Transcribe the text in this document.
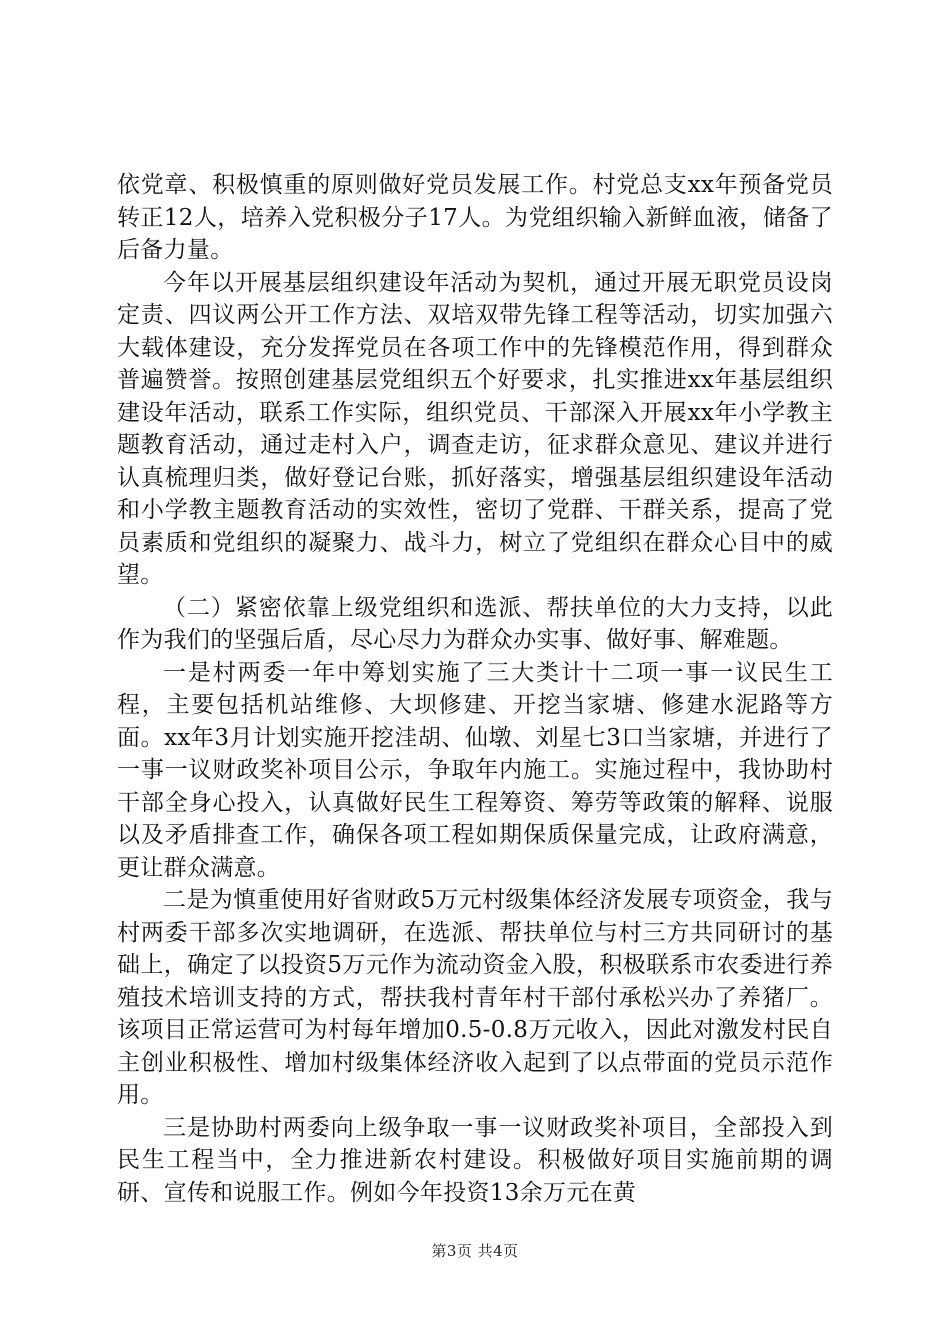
依党章、积极慎重的原则做好党员发展工作。村党总支xx年预备党员转正12人，培养入党积极分子17人。为党组织输入新鲜血液，储备了后备力量。

今年以开展基层组织建设年活动为契机，通过开展无职党员设岗定责、四议两公开工作方法、双培双带先锋工程等活动，切实加强六大载体建设，充分发挥党员在各项工作中的先锋模范作用，得到群众普遍赞誉。按照创建基层党组织五个好要求，扎实推进xx年基层组织建设年活动，联系工作实际，组织党员、干部深入开展xx年小学教主题教育活动，通过走村入户，调查走访，征求群众意见、建议并进行认真梳理归类，做好登记台账，抓好落实，增强基层组织建设年活动和小学教主题教育活动的实效性，密切了党群、干群关系，提高了党员素质和党组织的凝聚力、战斗力，树立了党组织在群众心目中的威望。

（二）紧密依靠上级党组织和选派、帮扶单位的大力支持，以此作为我们的坚强后盾，尽心尽力为群众办实事、做好事、解难题。

一是村两委一年中筹划实施了三大类计十二项一事一议民生工程，主要包括机站维修、大坝修建、开挖当家塘、修建水泥路等方面。xx年3月计划实施开挖洼胡、仙墩、刘星七3口当家塘，并进行了一事一议财政奖补项目公示，争取年内施工。实施过程中，我协助村干部全身心投入，认真做好民生工程筹资、筹劳等政策的解释、说服以及矛盾排查工作，确保各项工程如期保质保量完成，让政府满意，更让群众满意。

二是为慎重使用好省财政5万元村级集体经济发展专项资金，我与村两委干部多次实地调研，在选派、帮扶单位与村三方共同研讨的基础上，确定了以投资5万元作为流动资金入股，积极联系市农委进行养殖技术培训支持的方式，帮扶我村青年村干部付承松兴办了养猪厂。该项目正常运营可为村每年增加0.5-0.8万元收入，因此对激发村民自主创业积极性、增加村级集体经济收入起到了以点带面的党员示范作用。

三是协助村两委向上级争取一事一议财政奖补项目，全部投入到民生工程当中，全力推进新农村建设。积极做好项目实施前期的调研、宣传和说服工作。例如今年投资13余万元在黄

第3页 共4页
